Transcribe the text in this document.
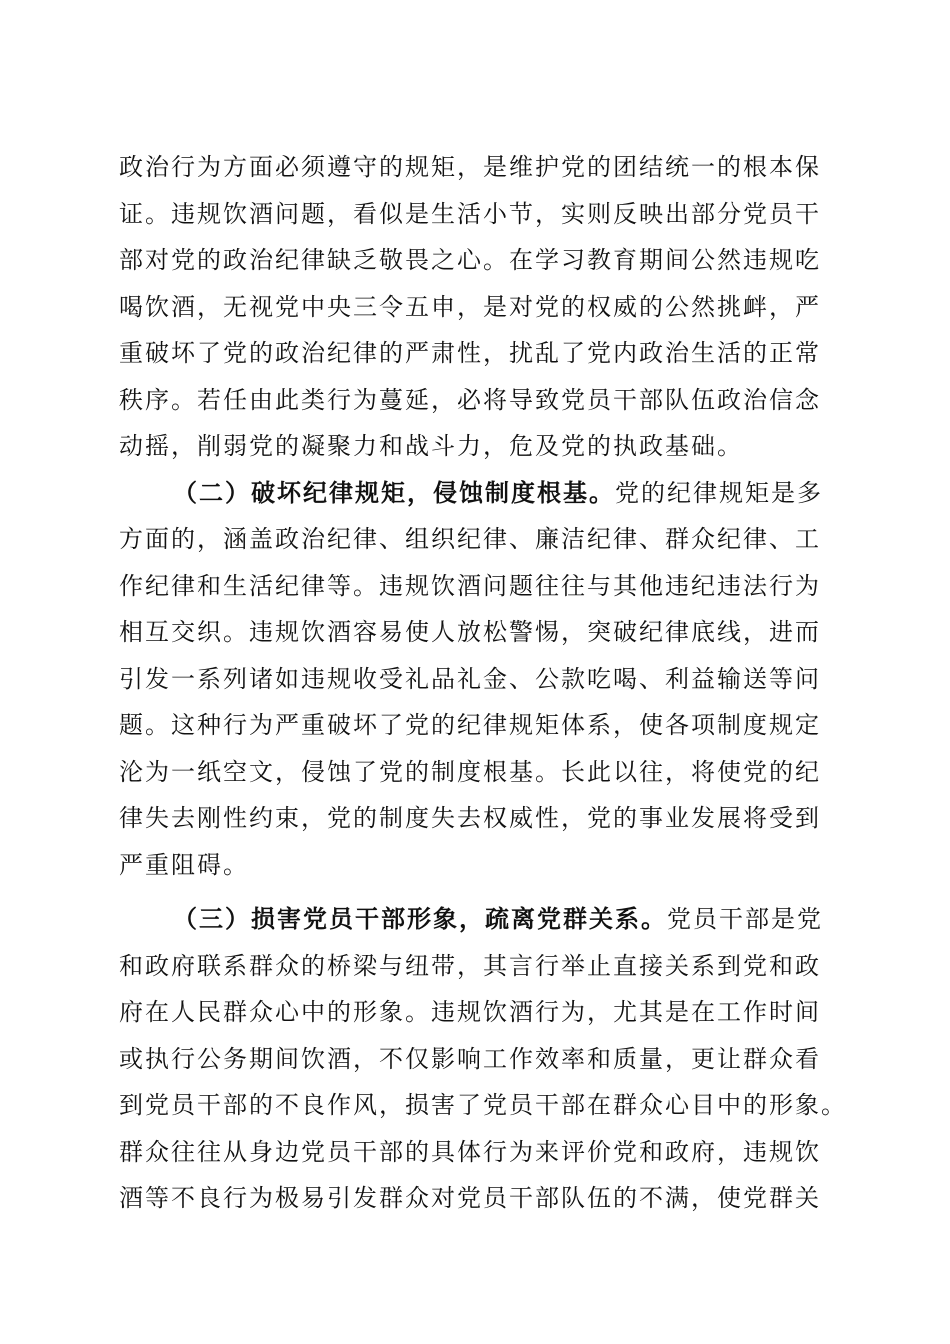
政治行为方面必须遵守的规矩，是维护党的团结统一的根本保
证。违规饮酒问题，看似是生活小节，实则反映出部分党员干
部对党的政治纪律缺乏敬畏之心。在学习教育期间公然违规吃
喝饮酒，无视党中央三令五申，是对党的权威的公然挑衅，严
重破坏了党的政治纪律的严肃性，扰乱了党内政治生活的正常
秩序。若任由此类行为蔓延，必将导致党员干部队伍政治信念
动摇，削弱党的凝聚力和战斗力，危及党的执政基础。
（二）破坏纪律规矩，侵蚀制度根基。党的纪律规矩是多
方面的，涵盖政治纪律、组织纪律、廉洁纪律、群众纪律、工
作纪律和生活纪律等。违规饮酒问题往往与其他违纪违法行为
相互交织。违规饮酒容易使人放松警惕，突破纪律底线，进而
引发一系列诸如违规收受礼品礼金、公款吃喝、利益输送等问
题。这种行为严重破坏了党的纪律规矩体系，使各项制度规定
沦为一纸空文，侵蚀了党的制度根基。长此以往，将使党的纪
律失去刚性约束，党的制度失去权威性，党的事业发展将受到
严重阻碍。
（三）损害党员干部形象，疏离党群关系。党员干部是党
和政府联系群众的桥梁与纽带，其言行举止直接关系到党和政
府在人民群众心中的形象。违规饮酒行为，尤其是在工作时间
或执行公务期间饮酒，不仅影响工作效率和质量，更让群众看
到党员干部的不良作风，损害了党员干部在群众心目中的形象。
群众往往从身边党员干部的具体行为来评价党和政府，违规饮
酒等不良行为极易引发群众对党员干部队伍的不满，使党群关
